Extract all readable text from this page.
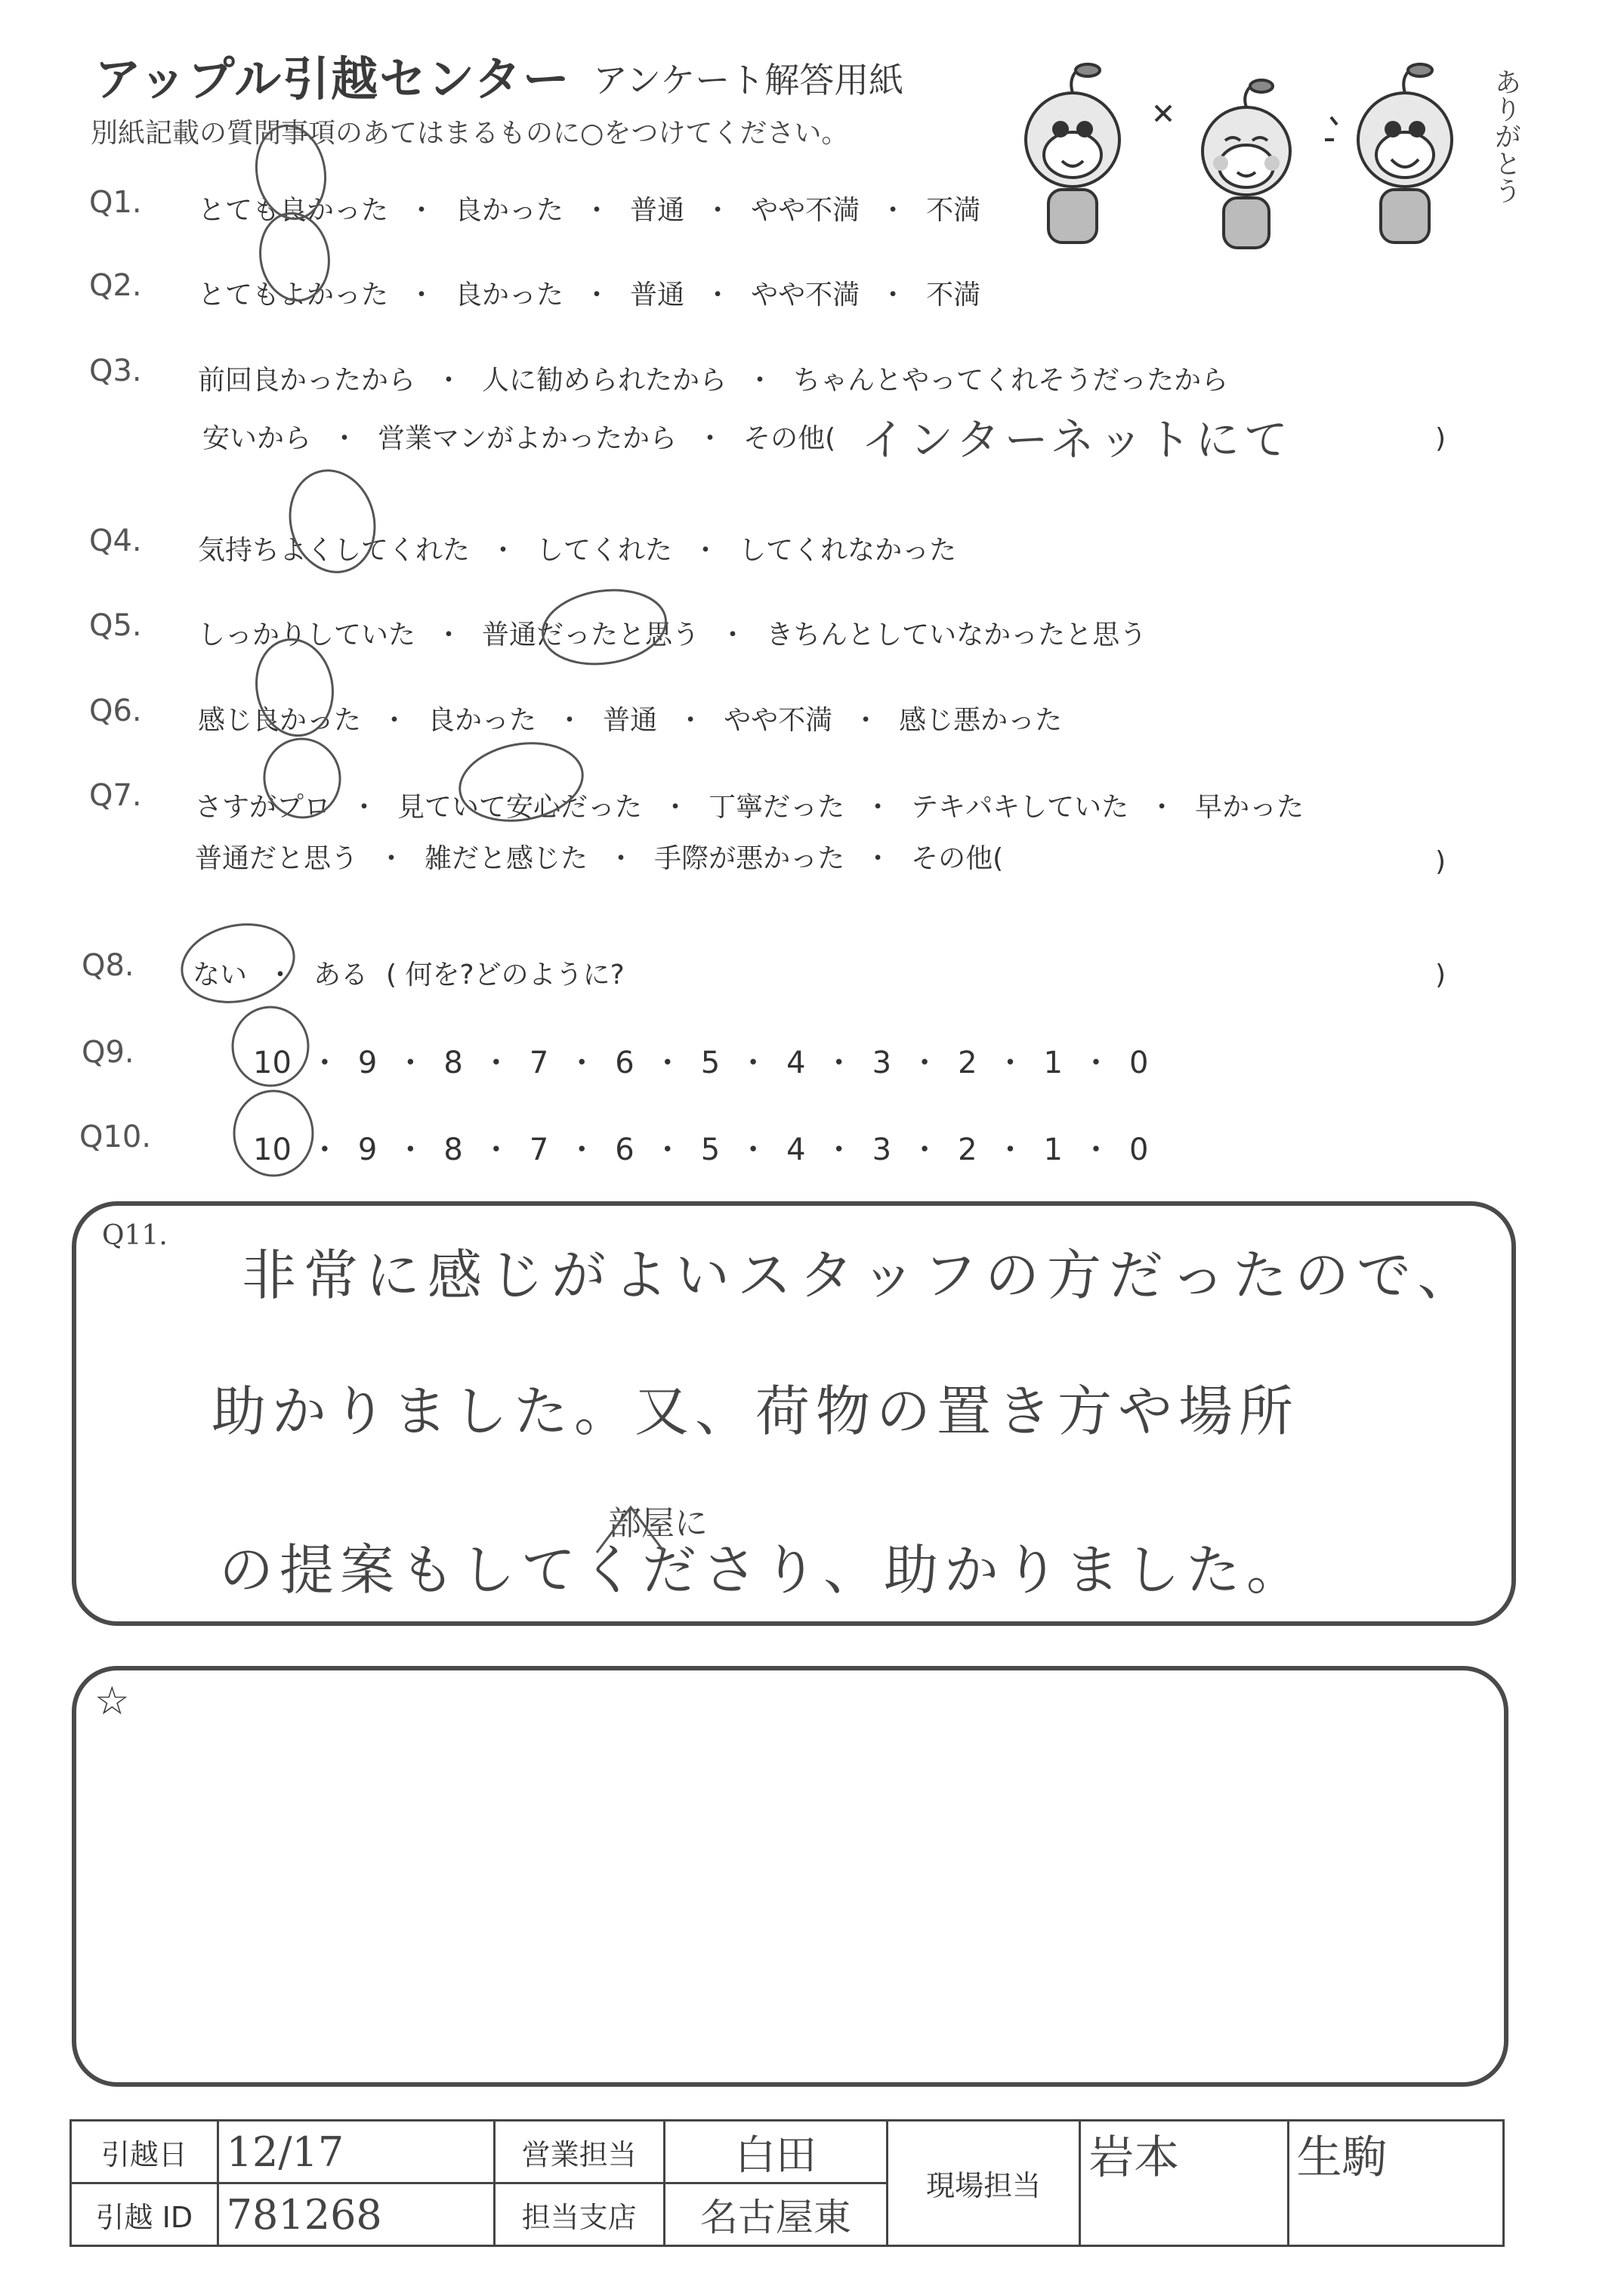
アップル引越センター アンケート解答用紙
別紙記載の質問事項のあてはまるものに○をつけてください。	ありがとう
Q1. とても良かった ・ 良かった ・ 普通 ・ やや不満 ・ 不満
Q2. とてもよかった ・ 良かった ・ 普通 ・ やや不満 ・ 不満
Q3. 前回良かったから ・ 人に勧められたから ・ ちゃんとやってくれそうだったから
安いから ・ 営業マンがよかったから ・ その他( インターネットにて	)
Q4. 気持ちよくしてくれた ・ してくれた ・ してくれなかった
Q5. しっかりしていた ・ 普通だったと思う ・ きちんとしていなかったと思う
Q6. 感じ良かった ・ 良かった ・ 普通 ・ やや不満 ・ 感じ悪かった
Q7. さすがプロ ・ 見ていて安心だった ・ 丁寧だった ・ テキパキしていた ・ 早かった
普通だと思う ・ 雑だと感じた ・ 手際が悪かった ・ その他(	)
Q8. ない ・ ある ( 何を?どのように?	)
Q9.	10 ・ 9 ・ 8 ・ 7 ・ 6 ・ 5 ・ 4 ・ 3 ・ 2 ・ 1 ・ 0
Q10.	10 ・ 9 ・ 8 ・ 7 ・ 6 ・ 5 ・ 4 ・ 3 ・ 2 ・ 1 ・ 0
Q11.
非常に感じがよいスタッフの方だったので、
助かりました。又、荷物の置き方や場所
部屋に
の提案もしてくださり、助かりました。
☆
引越日	12/17	営業担当	白田	現場担当	岩本	生駒
引越 ID	781268	担当支店	名古屋東			
